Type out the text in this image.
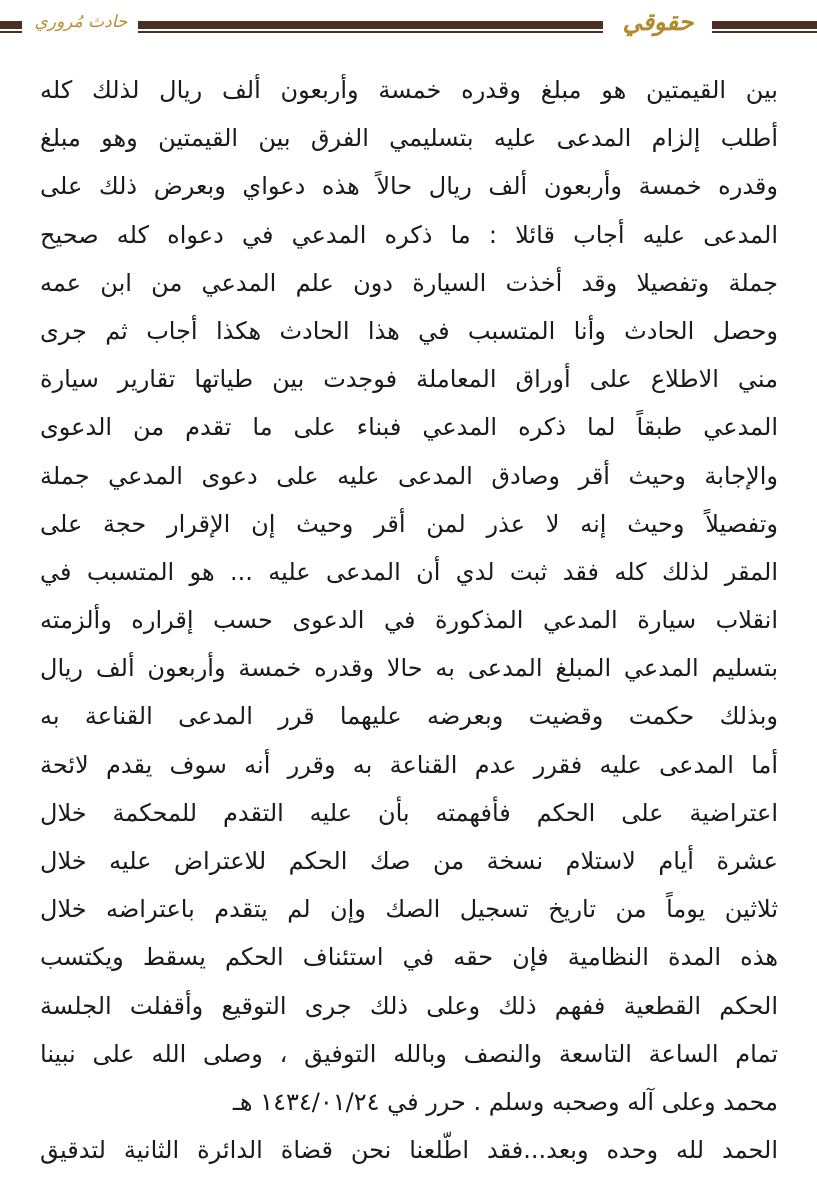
حادث مُروري	حقوقي
بين القيمتين هو مبلغ وقدره خمسة وأربعون ألف ريال لذلك كله
أطلب إلزام المدعى عليه بتسليمي الفرق بين القيمتين وهو مبلغ
وقدره خمسة وأربعون ألف ريال حالاً هذه دعواي وبعرض ذلك على
المدعى عليه أجاب قائلا : ما ذكره المدعي في دعواه كله صحيح
جملة وتفصيلا وقد أخذت السيارة دون علم المدعي من ابن عمه
وحصل الحادث وأنا المتسبب في هذا الحادث هكذا أجاب ثم جرى
مني الاطلاع على أوراق المعاملة فوجدت بين طياتها تقارير سيارة
المدعي طبقاً لما ذكره المدعي فبناء على ما تقدم من الدعوى
والإجابة وحيث أقر وصادق المدعى عليه على دعوى المدعي جملة
وتفصيلاً وحيث إنه لا عذر لمن أقر وحيث إن الإقرار حجة على
المقر لذلك كله فقد ثبت لدي أن المدعى عليه ... هو المتسبب في
انقلاب سيارة المدعي المذكورة في الدعوى حسب إقراره وألزمته
بتسليم المدعي المبلغ المدعى به حالا وقدره خمسة وأربعون ألف ريال
وبذلك حكمت وقضيت وبعرضه عليهما قرر المدعى القناعة به
أما المدعى عليه فقرر عدم القناعة به وقرر أنه سوف يقدم لائحة
اعتراضية على الحكم فأفهمته بأن عليه التقدم للمحكمة خلال
عشرة أيام لاستلام نسخة من صك الحكم للاعتراض عليه خلال
ثلاثين يوماً من تاريخ تسجيل الصك وإن لم يتقدم باعتراضه خلال
هذه المدة النظامية فإن حقه في استئناف الحكم يسقط ويكتسب
الحكم القطعية ففهم ذلك وعلى ذلك جرى التوقيع وأقفلت الجلسة
تمام الساعة التاسعة والنصف وبالله التوفيق ، وصلى الله على نبينا
محمد وعلى آله وصحبه وسلم . حرر في ١٤٣٤/٠١/٢٤ هـ
الحمد لله وحده وبعد...فقد اطّلعنا نحن قضاة الدائرة الثانية لتدقيق
